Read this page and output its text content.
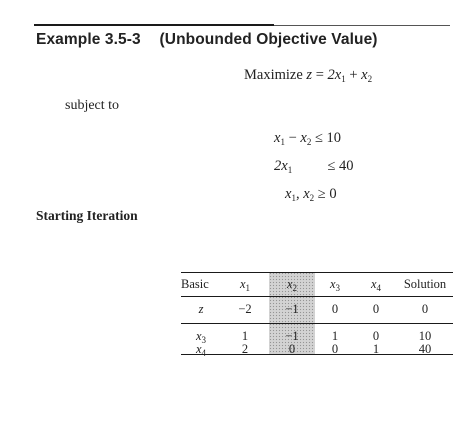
Example 3.5-3 (Unbounded Objective Value)
Maximize $z = 2x_1 + x_2$
subject to
$x_1 - x_2 \le 10$
$2x_1 \le 40$
$x_1$, $x_2 \ge 0$
Starting Iteration
Basic	$x_1$	$x_2$	$x_3$	$x_4$	Solution
z	−2	−1	0	0	0
$x_3$	1	−1	1	0	10
$x_4$	2	0	0	1	40
